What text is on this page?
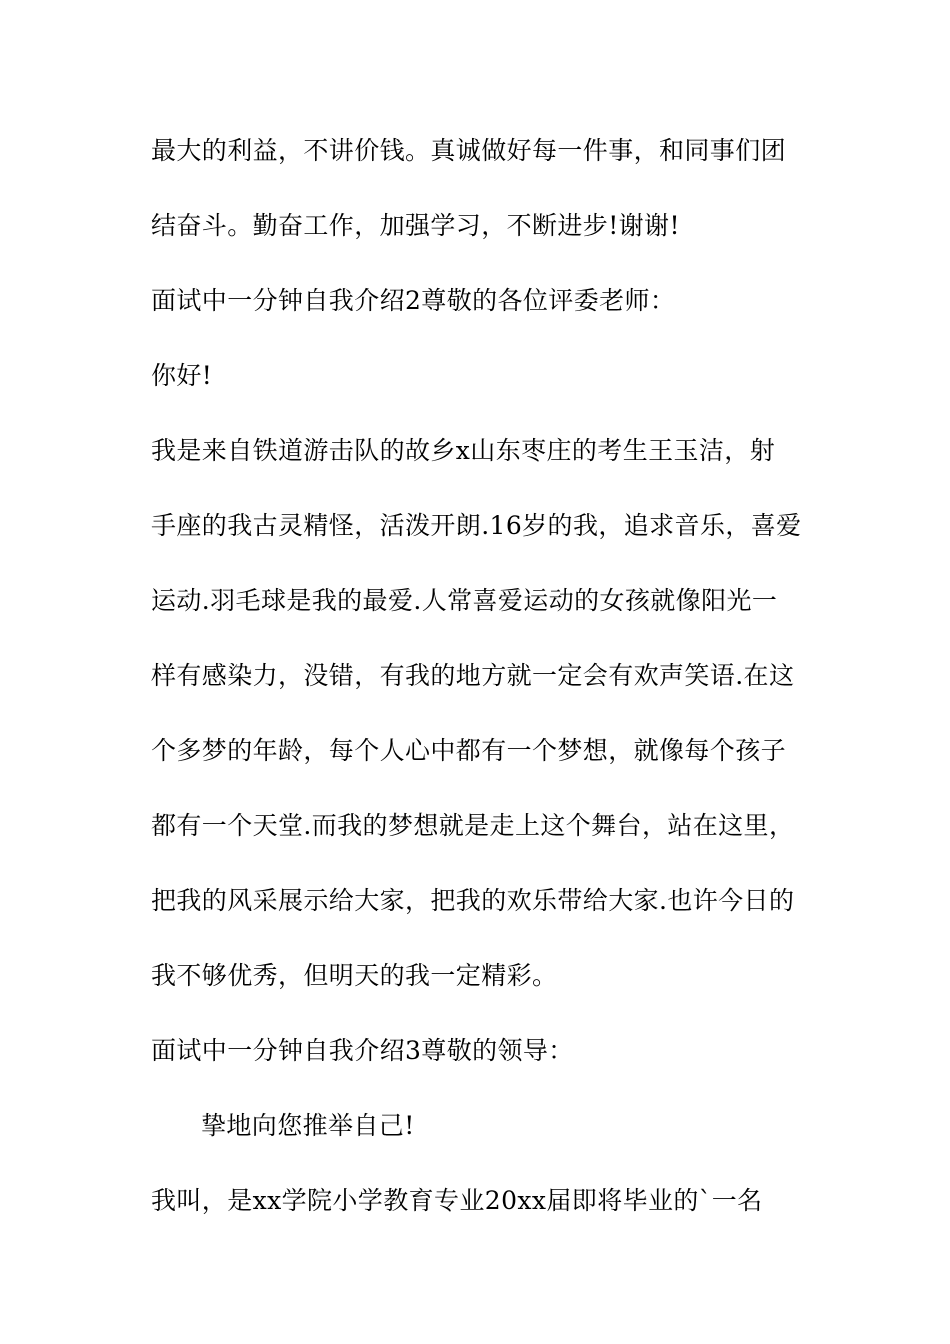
最大的利益，不讲价钱。真诚做好每一件事，和同事们团
结奋斗。勤奋工作，加强学习，不断进步!谢谢!
面试中一分钟自我介绍2尊敬的各位评委老师：
你好!
我是来自铁道游击队的故乡x山东枣庄的考生王玉洁，射
手座的我古灵精怪，活泼开朗.16岁的我，追求音乐，喜爱
运动.羽毛球是我的最爱.人常喜爱运动的女孩就像阳光一
样有感染力，没错，有我的地方就一定会有欢声笑语.在这
个多梦的年龄，每个人心中都有一个梦想，就像每个孩子
都有一个天堂.而我的梦想就是走上这个舞台，站在这里，
把我的风采展示给大家，把我的欢乐带给大家.也许今日的
我不够优秀，但明天的我一定精彩。
面试中一分钟自我介绍3尊敬的领导：
挚地向您推举自己!
我叫，是xx学院小学教育专业20xx届即将毕业的`一名
